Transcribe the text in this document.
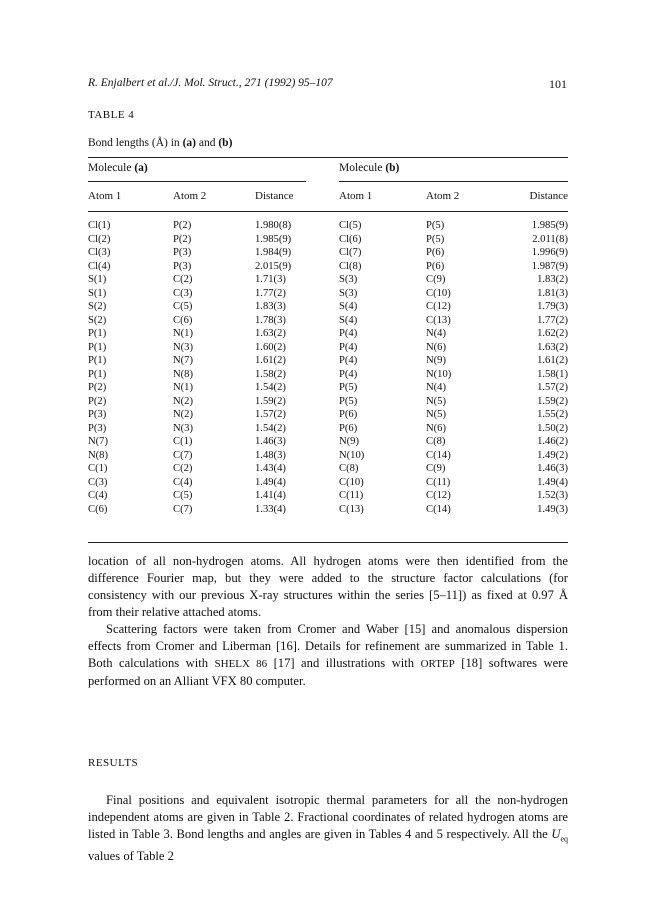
R. Enjalbert et al./J. Mol. Struct., 271 (1992) 95–107	101
TABLE 4
Bond lengths (Å) in (a) and (b)
Molecule (a)	Molecule (b)
Atom 1	Atom 2	Distance	Atom 1	Atom 2	Distance
Cl(1)	P(2)	1.980(8)	Cl(5)	P(5)	1.985(9)
Cl(2)	P(2)	1.985(9)	Cl(6)	P(5)	2.011(8)
Cl(3)	P(3)	1.984(9)	Cl(7)	P(6)	1.996(9)
Cl(4)	P(3)	2.015(9)	Cl(8)	P(6)	1.987(9)
S(1)	C(2)	1.71(3)	S(3)	C(9)	1.83(2)
S(1)	C(3)	1.77(2)	S(3)	C(10)	1.81(3)
S(2)	C(5)	1.83(3)	S(4)	C(12)	1.79(3)
S(2)	C(6)	1.78(3)	S(4)	C(13)	1.77(2)
P(1)	N(1)	1.63(2)	P(4)	N(4)	1.62(2)
P(1)	N(3)	1.60(2)	P(4)	N(6)	1.63(2)
P(1)	N(7)	1.61(2)	P(4)	N(9)	1.61(2)
P(1)	N(8)	1.58(2)	P(4)	N(10)	1.58(1)
P(2)	N(1)	1.54(2)	P(5)	N(4)	1.57(2)
P(2)	N(2)	1.59(2)	P(5)	N(5)	1.59(2)
P(3)	N(2)	1.57(2)	P(6)	N(5)	1.55(2)
P(3)	N(3)	1.54(2)	P(6)	N(6)	1.50(2)
N(7)	C(1)	1.46(3)	N(9)	C(8)	1.46(2)
N(8)	C(7)	1.48(3)	N(10)	C(14)	1.49(2)
C(1)	C(2)	1.43(4)	C(8)	C(9)	1.46(3)
C(3)	C(4)	1.49(4)	C(10)	C(11)	1.49(4)
C(4)	C(5)	1.41(4)	C(11)	C(12)	1.52(3)
C(6)	C(7)	1.33(4)	C(13)	C(14)	1.49(3)

location of all non-hydrogen atoms. All hydrogen atoms were then identified from the difference Fourier map, but they were added to the structure factor calculations (for consistency with our previous X-ray structures within the series [5–11]) as fixed at 0.97 Å from their relative attached atoms.

Scattering factors were taken from Cromer and Waber [15] and anomalous dispersion effects from Cromer and Liberman [16]. Details for refinement are summarized in Table 1. Both calculations with SHELX 86 [17] and illustrations with ORTEP [18] softwares were performed on an Alliant VFX 80 computer.

RESULTS

Final positions and equivalent isotropic thermal parameters for all the non-hydrogen independent atoms are given in Table 2. Fractional coordinates of related hydrogen atoms are listed in Table 3. Bond lengths and angles are given in Tables 4 and 5 respectively. All the $U_{eq}$ values of Table 2
